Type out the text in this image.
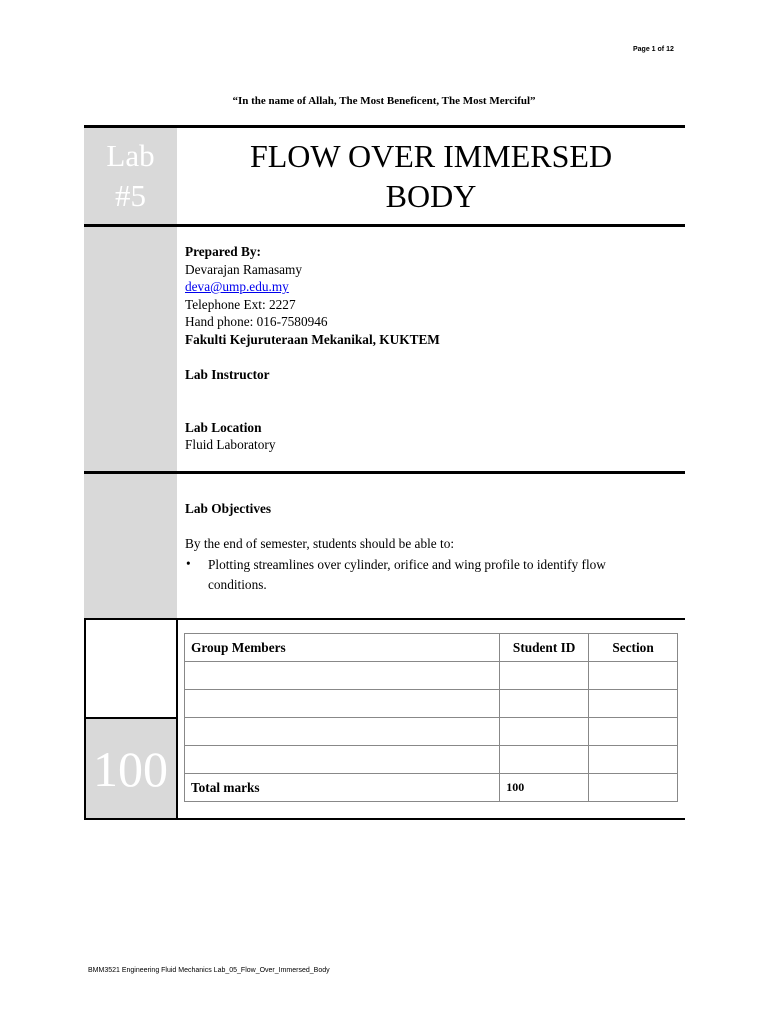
Page 1 of 12
“In the name of Allah, The Most Beneficent, The Most Merciful”
Lab
#5
FLOW OVER IMMERSED
BODY
Prepared By:
Devarajan Ramasamy
deva@ump.edu.my
Telephone Ext: 2227
Hand phone: 016-7580946
Fakulti Kejuruteraan Mekanikal, KUKTEM
Lab Instructor
Lab Location
Fluid Laboratory
Lab Objectives
By the end of semester, students should be able to:
•	Plotting streamlines over cylinder, orifice and wing profile to identify flow conditions.
100
Group Members	Student ID	Section

Total marks	100	
BMM3521 Engineering Fluid Mechanics Lab_05_Flow_Over_Immersed_Body
